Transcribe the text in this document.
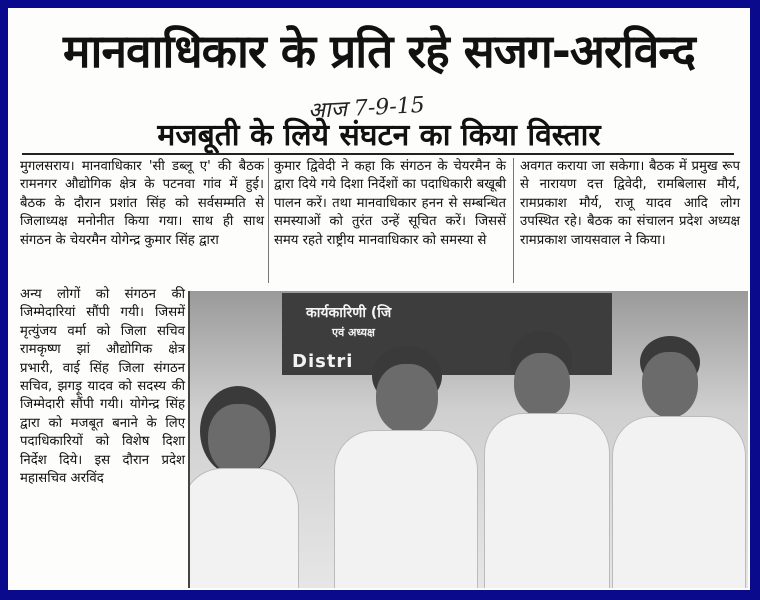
मानवाधिकार के प्रति रहे सजग-अरविन्द
आज 7-9-15
मजबूती के लिये संघटन का किया विस्तार
मुगलसराय। मानवाधिकार 'सी डब्लू ए' की बैठक रामनगर औद्योगिक क्षेत्र के पटनवा गांव में हुई। बैठक के दौरान प्रशांत सिंह को सर्वसम्मति से जिलाध्यक्ष मनोनीत किया गया। साथ ही साथ संगठन के चेयरमैन योगेन्द्र कुमार सिंह द्वारा
अन्य लोगों को संगठन की जिम्मेदारियां सौंपी गयी। जिसमें मृत्युंजय वर्मा को जिला सचिव रामकृष्ण झां औद्योगिक क्षेत्र प्रभारी, वाई सिंह जिला संगठन सचिव, झगड़ू यादव को सदस्य की जिम्मेदारी सौंपी गयी। योगेन्द्र सिंह द्वारा को मजबूत बनाने के लिए पदाधिकारियों को विशेष दिशा निर्देश दिये। इस दौरान प्रदेश महासचिव अरविंद
कुमार द्विवेदी ने कहा कि संगठन के चेयरमैन के द्वारा दिये गये दिशा निर्देशों का पदाधिकारी बखूबी पालन करें। तथा मानवाधिकार हनन से सम्बन्धित समस्याओं को तुरंत उन्हें सूचित करें। जिससें समय रहते राष्ट्रीय मानवाधिकार को समस्या से
अवगत कराया जा सकेगा। बैठक में प्रमुख रूप से नारायण दत्त द्विवेदी, रामबिलास मौर्य, रामप्रकाश मौर्य, राजू यादव आदि लोग उपस्थित रहे। बैठक का संचालन प्रदेश अध्यक्ष रामप्रकाश जायसवाल ने किया।
कार्यकारिणी (जि
एवं अध्यक्ष
Distri
